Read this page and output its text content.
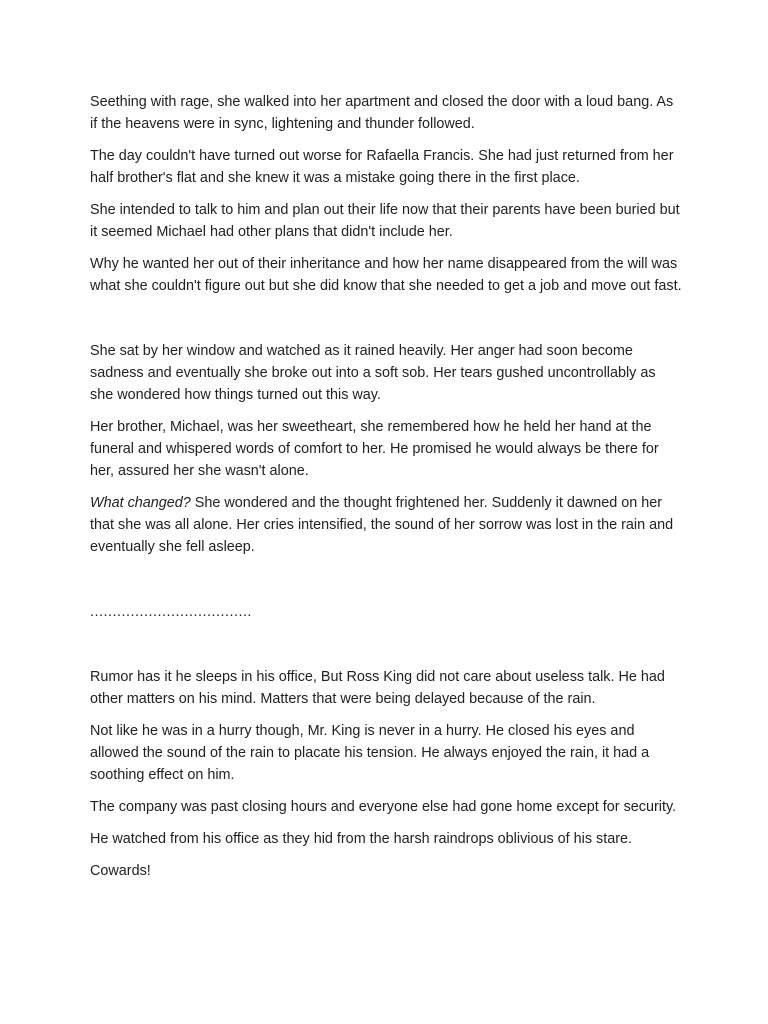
Seething with rage, she walked into her apartment and closed the door with a loud bang. As if the heavens were in sync, lightening and thunder followed.

The day couldn't have turned out worse for Rafaella Francis. She had just returned from her half brother's flat and she knew it was a mistake going there in the first place.

She intended to talk to him and plan out their life now that their parents have been buried but it seemed Michael had other plans that didn't include her.

Why he wanted her out of their inheritance and how her name disappeared from the will was what she couldn't figure out but she did know that she needed to get a job and move out fast.

She sat by her window and watched as it rained heavily. Her anger had soon become sadness and eventually she broke out into a soft sob. Her tears gushed uncontrollably as she wondered how things turned out this way.

Her brother, Michael, was her sweetheart, she remembered how he held her hand at the funeral and whispered words of comfort to her. He promised he would always be there for her, assured her she wasn't alone.

What changed? She wondered and the thought frightened her. Suddenly it dawned on her that she was all alone. Her cries intensified, the sound of her sorrow was lost in the rain and eventually she fell asleep.

....................................

Rumor has it he sleeps in his office, But Ross King did not care about useless talk. He had other matters on his mind. Matters that were being delayed because of the rain.

Not like he was in a hurry though, Mr. King is never in a hurry. He closed his eyes and allowed the sound of the rain to placate his tension. He always enjoyed the rain, it had a soothing effect on him.

The company was past closing hours and everyone else had gone home except for security.

He watched from his office as they hid from the harsh raindrops oblivious of his stare.

Cowards!
